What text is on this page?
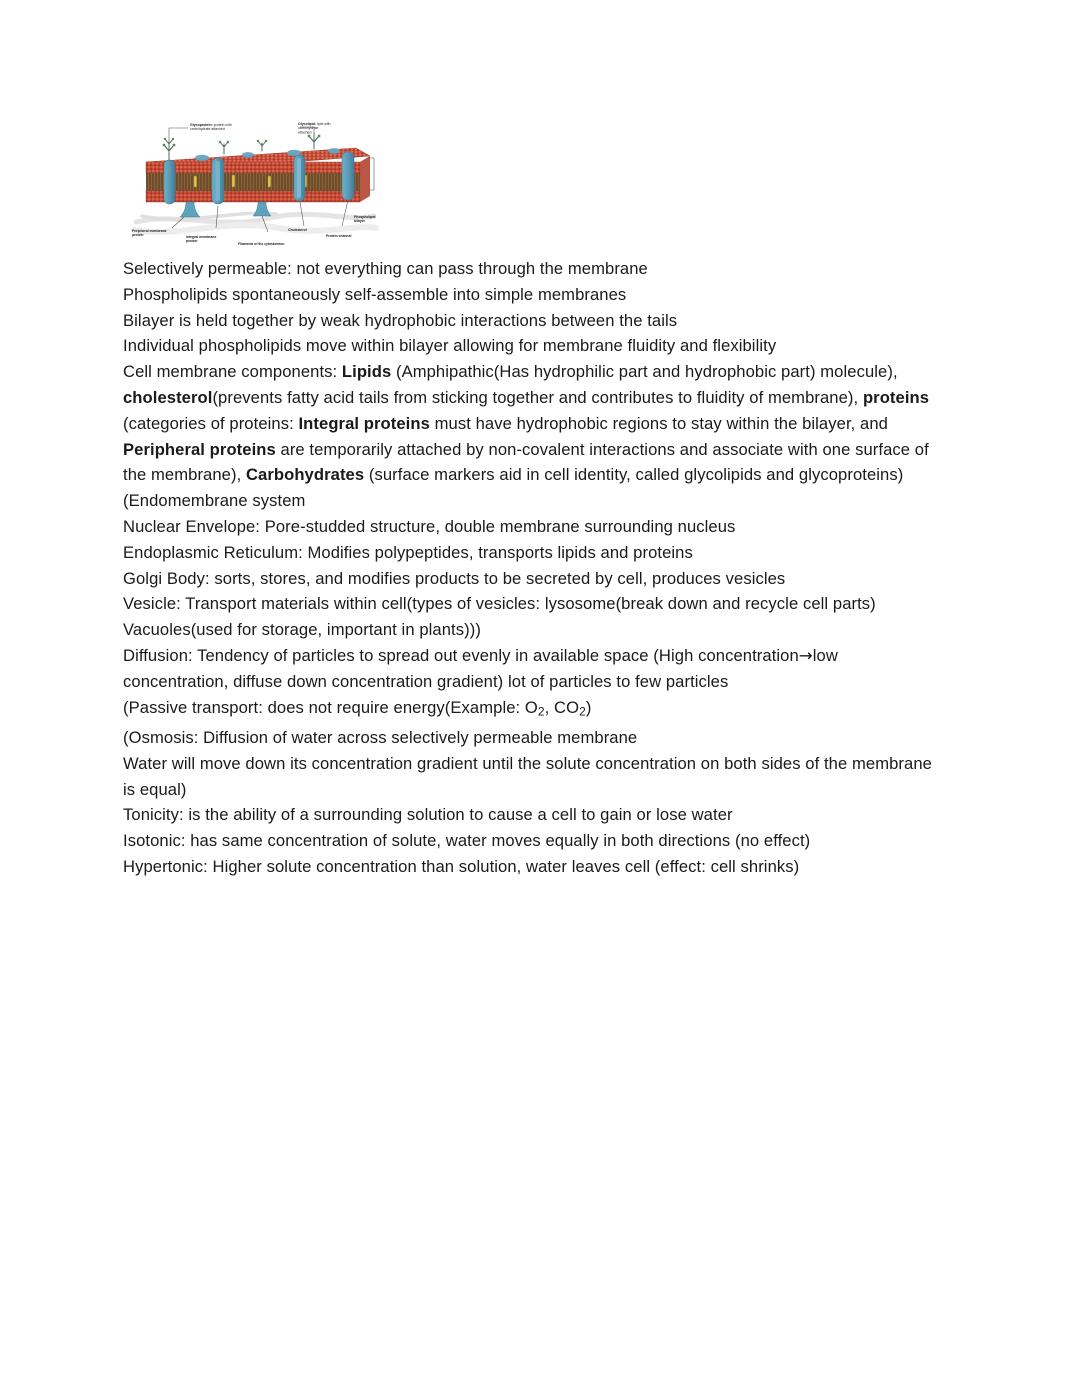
Glycoprotein: protein with carbohydrate attached
Glycolipid: lipid with carbohydrate attached
Peripheral membrane protein	Integral membrane protein
Filaments of the cytoskeleton
Cholesterol
Protein channel
Phospholipid bilayer

Selectively permeable: not everything can pass through the membrane

Phospholipids spontaneously self-assemble into simple membranes

Bilayer is held together by weak hydrophobic interactions between the tails

Individual phospholipids move within bilayer allowing for membrane fluidity and flexibility

Cell membrane components: Lipids (Amphipathic(Has hydrophilic part and hydrophobic part) molecule), cholesterol(prevents fatty acid tails from sticking together and contributes to fluidity of membrane), proteins (categories of proteins: Integral proteins must have hydrophobic regions to stay within the bilayer, and Peripheral proteins are temporarily attached by non-covalent interactions and associate with one surface of the membrane), Carbohydrates (surface markers aid in cell identity, called glycolipids and glycoproteins)

(Endomembrane system

Nuclear Envelope: Pore-studded structure, double membrane surrounding nucleus

Endoplasmic Reticulum: Modifies polypeptides, transports lipids and proteins

Golgi Body: sorts, stores, and modifies products to be secreted by cell, produces vesicles

Vesicle: Transport materials within cell(types of vesicles: lysosome(break down and recycle cell parts) Vacuoles(used for storage, important in plants)))

Diffusion: Tendency of particles to spread out evenly in available space (High concentration→low concentration, diffuse down concentration gradient) lot of particles to few particles

(Passive transport: does not require energy(Example: $O_2$, $CO_2$)

(Osmosis: Diffusion of water across selectively permeable membrane

Water will move down its concentration gradient until the solute concentration on both sides of the membrane is equal)

Tonicity: is the ability of a surrounding solution to cause a cell to gain or lose water

Isotonic: has same concentration of solute, water moves equally in both directions (no effect)

Hypertonic: Higher solute concentration than solution, water leaves cell (effect: cell shrinks)
